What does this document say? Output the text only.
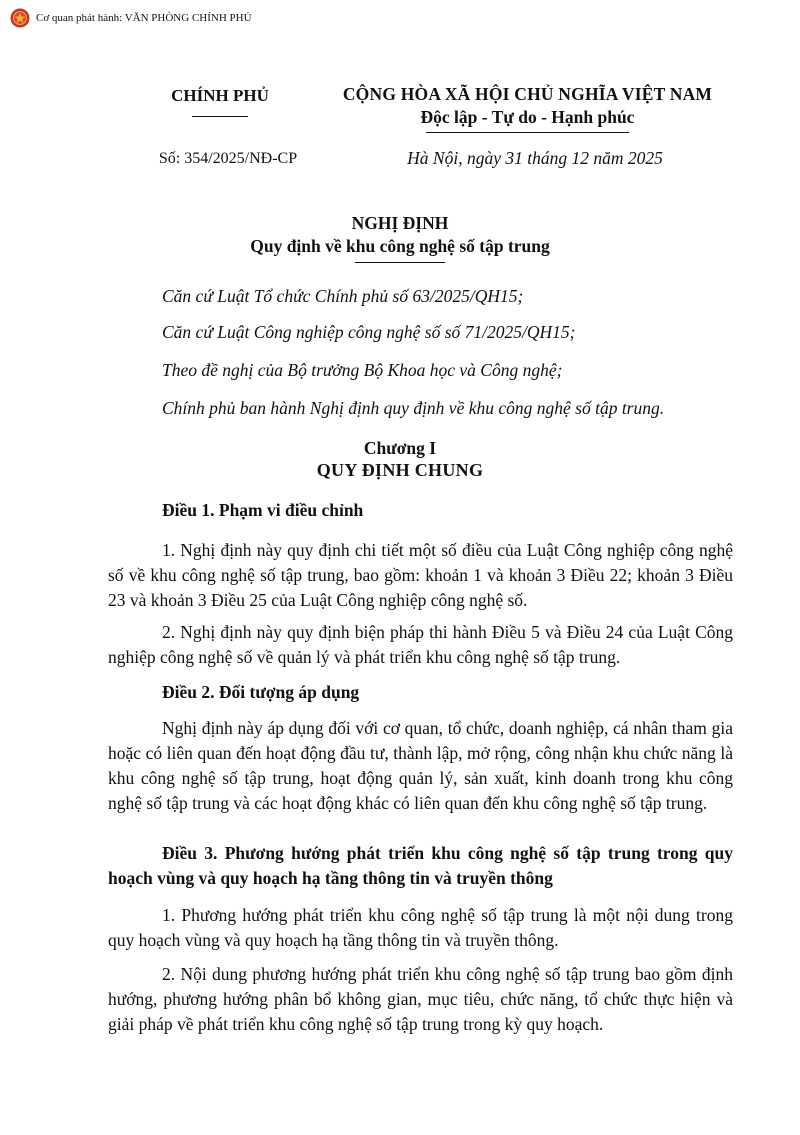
Cơ quan phát hành: VĂN PHÒNG CHÍNH PHỦ
CHÍNH PHỦ	CỘNG HÒA XÃ HỘI CHỦ NGHĨA VIỆT NAM
Độc lập - Tự do - Hạnh phúc
Số: 354/2025/NĐ-CP	Hà Nội, ngày 31 tháng 12 năm 2025
NGHỊ ĐỊNH
Quy định về khu công nghệ số tập trung
Căn cứ Luật Tổ chức Chính phủ số 63/2025/QH15;
Căn cứ Luật Công nghiệp công nghệ số số 71/2025/QH15;
Theo đề nghị của Bộ trưởng Bộ Khoa học và Công nghệ;
Chính phủ ban hành Nghị định quy định về khu công nghệ số tập trung.
Chương I
QUY ĐỊNH CHUNG
Điều 1. Phạm vi điều chỉnh
1. Nghị định này quy định chi tiết một số điều của Luật Công nghiệp công nghệ số về khu công nghệ số tập trung, bao gồm: khoản 1 và khoản 3 Điều 22; khoản 3 Điều 23 và khoản 3 Điều 25 của Luật Công nghiệp công nghệ số.
2. Nghị định này quy định biện pháp thi hành Điều 5 và Điều 24 của Luật Công nghiệp công nghệ số về quản lý và phát triển khu công nghệ số tập trung.
Điều 2. Đối tượng áp dụng
Nghị định này áp dụng đối với cơ quan, tổ chức, doanh nghiệp, cá nhân tham gia hoặc có liên quan đến hoạt động đầu tư, thành lập, mở rộng, công nhận khu chức năng là khu công nghệ số tập trung, hoạt động quản lý, sản xuất, kinh doanh trong khu công nghệ số tập trung và các hoạt động khác có liên quan đến khu công nghệ số tập trung.
Điều 3. Phương hướng phát triển khu công nghệ số tập trung trong quy hoạch vùng và quy hoạch hạ tầng thông tin và truyền thông
1. Phương hướng phát triển khu công nghệ số tập trung là một nội dung trong quy hoạch vùng và quy hoạch hạ tầng thông tin và truyền thông.
2. Nội dung phương hướng phát triển khu công nghệ số tập trung bao gồm định hướng, phương hướng phân bổ không gian, mục tiêu, chức năng, tổ chức thực hiện và giải pháp về phát triển khu công nghệ số tập trung trong kỳ quy hoạch.
